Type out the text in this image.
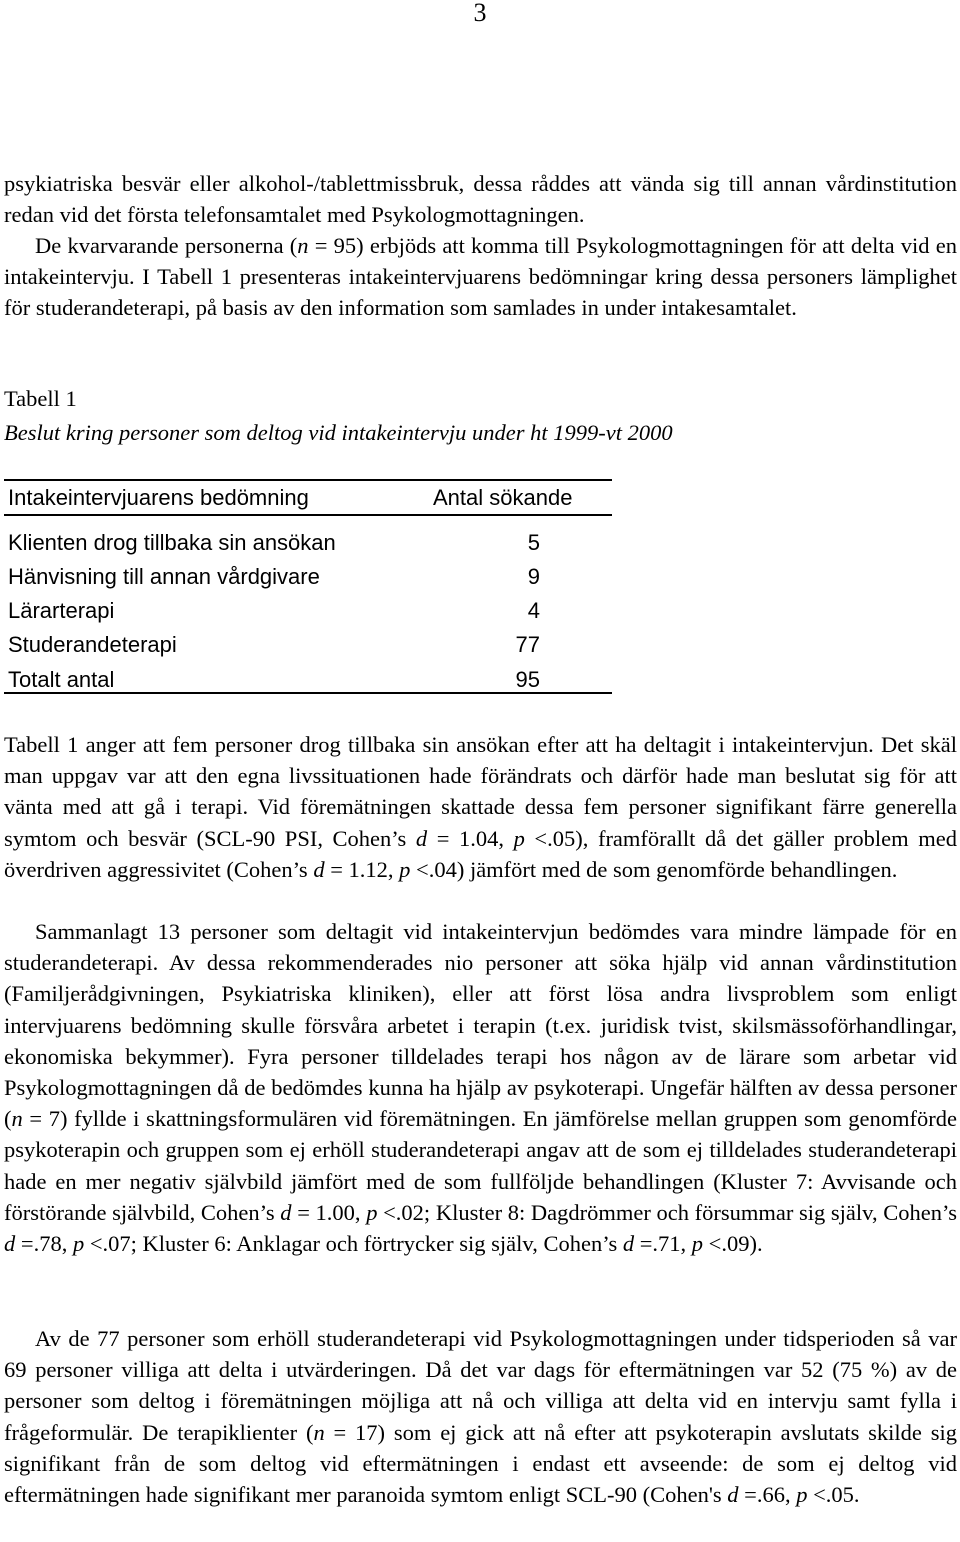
3
psykiatriska besvär eller alkohol-/tablettmissbruk, dessa råddes att vända sig till annan vårdinstitution redan vid det första telefonsamtalet med Psykologmottagningen.
De kvarvarande personerna (n = 95) erbjöds att komma till Psykologmottagningen för att delta vid en intakeintervju. I Tabell 1 presenteras intakeintervjuarens bedömningar kring dessa personers lämplighet för studerandeterapi, på basis av den information som samlades in under intakesamtalet.
Tabell 1
Beslut kring personer som deltog vid intakeintervju under ht 1999-vt 2000
Intakeintervjuarens bedömning	Antal sökande
Klienten drog tillbaka sin ansökan	5
Hänvisning till annan vårdgivare	9
Lärarterapi	4
Studerandeterapi	77
Totalt antal	95
Tabell 1 anger att fem personer drog tillbaka sin ansökan efter att ha deltagit i intakeintervjun. Det skäl man uppgav var att den egna livssituationen hade förändrats och därför hade man beslutat sig för att vänta med att gå i terapi. Vid föremätningen skattade dessa fem personer signifikant färre generella symtom och besvär (SCL-90 PSI, Cohen’s d = 1.04, p <.05), framförallt då det gäller problem med överdriven aggressivitet (Cohen’s d = 1.12, p <.04) jämfört med de som genomförde behandlingen.
Sammanlagt 13 personer som deltagit vid intakeintervjun bedömdes vara mindre lämpade för en studerandeterapi. Av dessa rekommenderades nio personer att söka hjälp vid annan vårdinstitution (Familjerådgivningen, Psykiatriska kliniken), eller att först lösa andra livsproblem som enligt intervjuarens bedömning skulle försvåra arbetet i terapin (t.ex. juridisk tvist, skilsmässoförhandlingar, ekonomiska bekymmer). Fyra personer tilldelades terapi hos någon av de lärare som arbetar vid Psykologmottagningen då de bedömdes kunna ha hjälp av psykoterapi. Ungefär hälften av dessa personer (n = 7) fyllde i skattningsformulären vid föremätningen. En jämförelse mellan gruppen som genomförde psykoterapin och gruppen som ej erhöll studerandeterapi angav att de som ej tilldelades studerandeterapi hade en mer negativ självbild jämfört med de som fullföljde behandlingen (Kluster 7: Avvisande och förstörande självbild, Cohen’s d = 1.00, p <.02; Kluster 8: Dagdrömmer och försummar sig själv, Cohen’s d =.78, p <.07; Kluster 6: Anklagar och förtrycker sig själv, Cohen’s d =.71, p <.09).
Av de 77 personer som erhöll studerandeterapi vid Psykologmottagningen under tidsperioden så var 69 personer villiga att delta i utvärderingen. Då det var dags för eftermätningen var 52 (75 %) av de personer som deltog i föremätningen möjliga att nå och villiga att delta vid en intervju samt fylla i frågeformulär. De terapiklienter (n = 17) som ej gick att nå efter att psykoterapin avslutats skilde sig signifikant från de som deltog vid eftermätningen i endast ett avseende: de som ej deltog vid eftermätningen hade signifikant mer paranoida symtom enligt SCL-90 (Cohen's d =.66, p <.05.
